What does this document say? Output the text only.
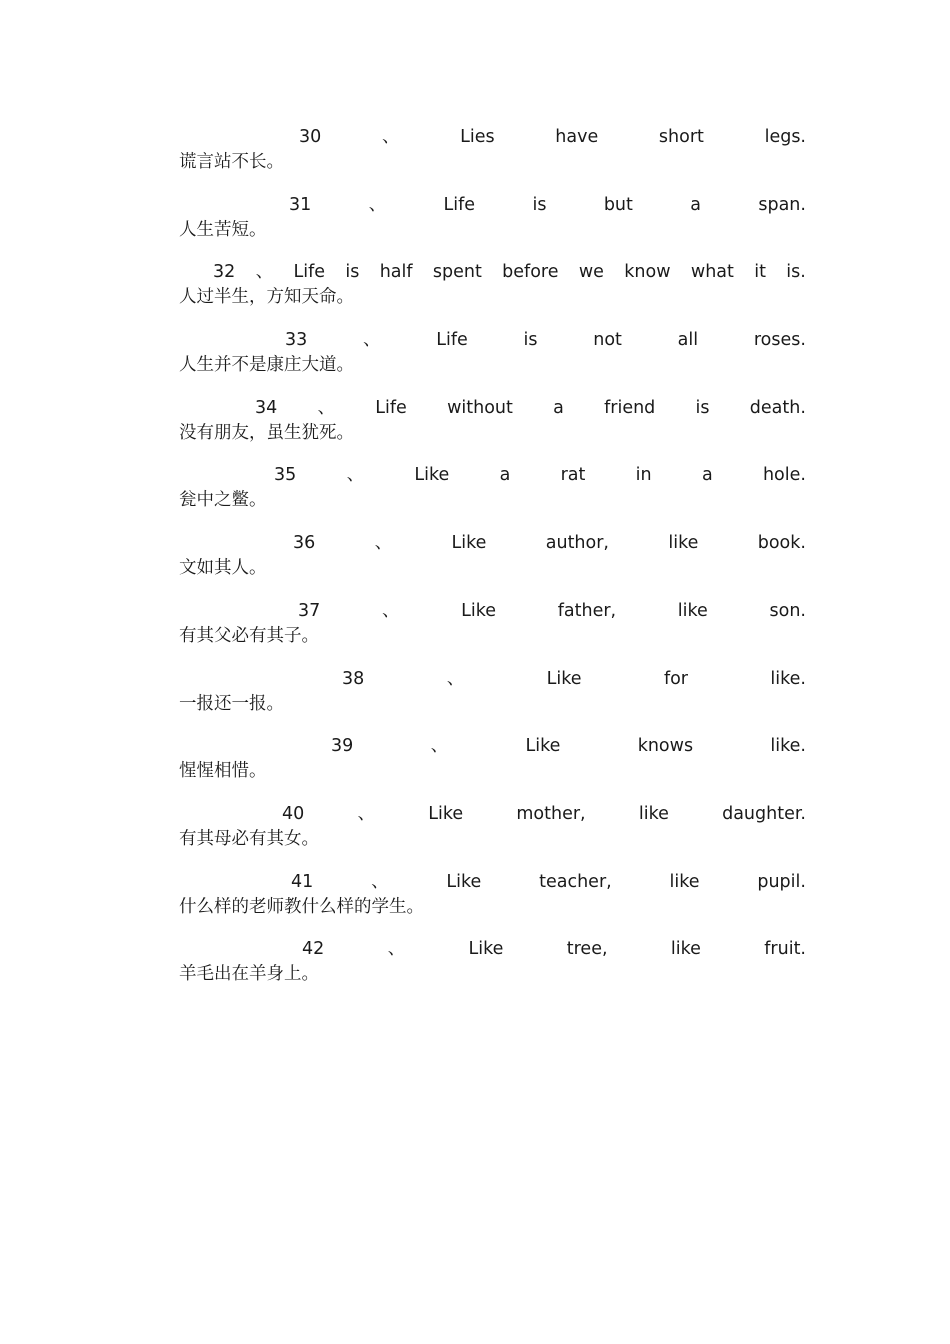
30	、	Lies	have	short	legs.
谎言站不长。
31	、	Life	is	but	a	span.
人生苦短。
32 、 Life is half spent before we know what it is.
人过半生，方知天命。
33	、	Life	is	not	all	roses.
人生并不是康庄大道。
34 、 Life without a friend is death.
没有朋友，虽生犹死。
35	、	Like	a	rat	in	a	hole.
瓮中之鳖。
36	、	Like	author,	like	book.
文如其人。
37	、	Like	father,	like	son.
有其父必有其子。
38	、	Like	for	like.
一报还一报。
39	、	Like	knows	like.
惺惺相惜。
40	、	Like	mother,	like	daughter.
有其母必有其女。
41	、	Like	teacher,	like	pupil.
什么样的老师教什么样的学生。
42	、	Like	tree,	like	fruit.
羊毛出在羊身上。
